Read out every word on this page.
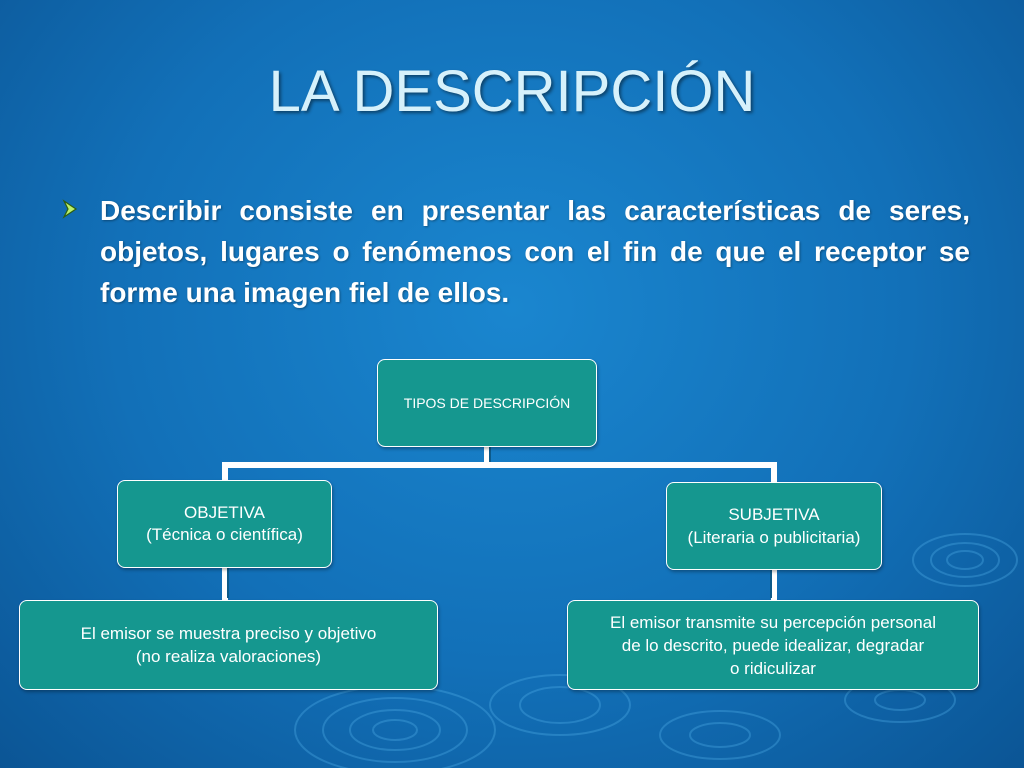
LA DESCRIPCIÓN
Describir consiste en presentar las características de seres, objetos, lugares o fenómenos con el fin de que el receptor se forme una imagen fiel de ellos.
TIPOS DE DESCRIPCIÓN
OBJETIVA
(Técnica o científica)
SUBJETIVA
(Literaria o publicitaria)
El emisor se muestra preciso y objetivo
(no realiza valoraciones)
El emisor transmite su percepción personal
de lo descrito, puede idealizar, degradar
o ridiculizar
